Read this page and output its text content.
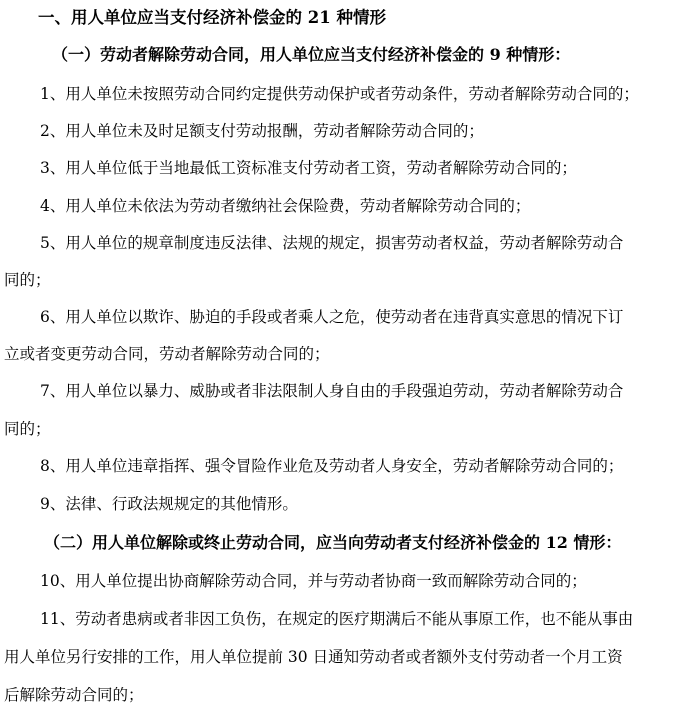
一、用人单位应当支付经济补偿金的 21 种情形
（一）劳动者解除劳动合同，用人单位应当支付经济补偿金的 9 种情形：
1、用人单位未按照劳动合同约定提供劳动保护或者劳动条件，劳动者解除劳动合同的；
2、用人单位未及时足额支付劳动报酬，劳动者解除劳动合同的；
3、用人单位低于当地最低工资标准支付劳动者工资，劳动者解除劳动合同的；
4、用人单位未依法为劳动者缴纳社会保险费，劳动者解除劳动合同的；
5、用人单位的规章制度违反法律、法规的规定，损害劳动者权益，劳动者解除劳动合
同的；
6、用人单位以欺诈、胁迫的手段或者乘人之危，使劳动者在违背真实意思的情况下订
立或者变更劳动合同，劳动者解除劳动合同的；
7、用人单位以暴力、威胁或者非法限制人身自由的手段强迫劳动，劳动者解除劳动合
同的；
8、用人单位违章指挥、强令冒险作业危及劳动者人身安全，劳动者解除劳动合同的；
9、法律、行政法规规定的其他情形。
（二）用人单位解除或终止劳动合同，应当向劳动者支付经济补偿金的 12 情形：
10、用人单位提出协商解除劳动合同，并与劳动者协商一致而解除劳动合同的；
11、劳动者患病或者非因工负伤，在规定的医疗期满后不能从事原工作，也不能从事由
用人单位另行安排的工作，用人单位提前 30 日通知劳动者或者额外支付劳动者一个月工资
后解除劳动合同的；
